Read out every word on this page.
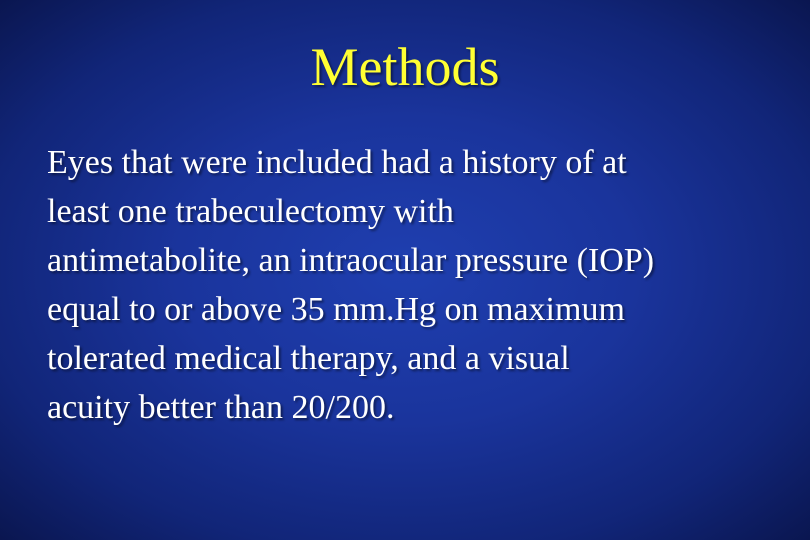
Methods

Eyes that were included had a history of at
least one trabeculectomy with
antimetabolite, an intraocular pressure (IOP)
equal to or above 35 mm.Hg on maximum
tolerated medical therapy, and a visual
acuity better than 20/200.
